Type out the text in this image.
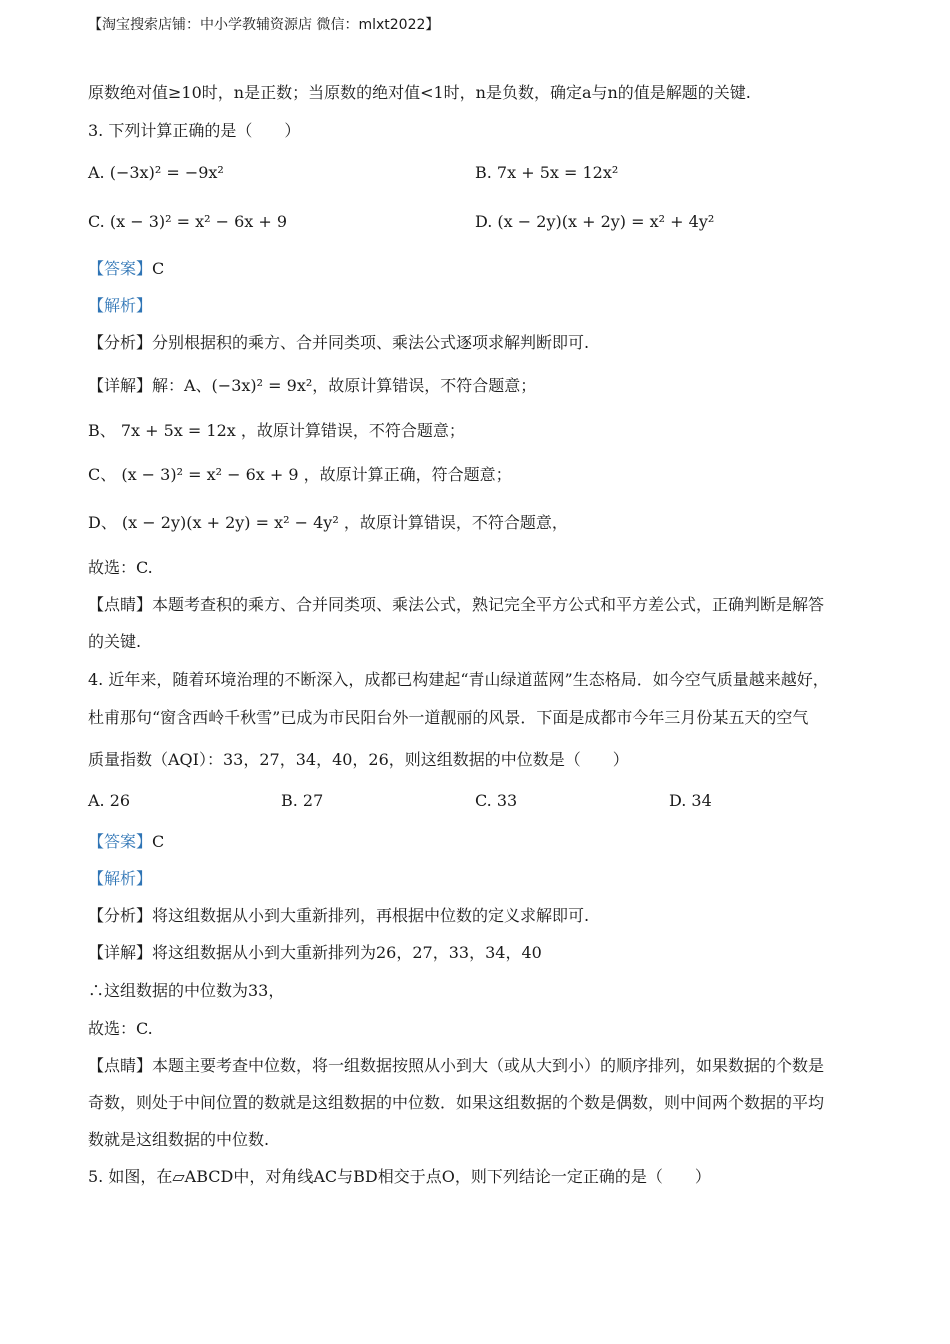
【淘宝搜索店铺：中小学教辅资源店 微信：mlxt2022】
原数绝对值≥10时，n是正数；当原数的绝对值<1时，n是负数，确定a与n的值是解题的关键.
3. 下列计算正确的是（　　）
A. (−3x)² = −9x²	B. 7x + 5x = 12x²
C. (x − 3)² = x² − 6x + 9	D. (x − 2y)(x + 2y) = x² + 4y²
【答案】C
【解析】
【分析】分别根据积的乘方、合并同类项、乘法公式逐项求解判断即可.
【详解】解：A、(−3x)² = 9x²，故原计算错误，不符合题意；
B、 7x + 5x = 12x ，故原计算错误，不符合题意；
C、 (x − 3)² = x² − 6x + 9 ，故原计算正确，符合题意；
D、 (x − 2y)(x + 2y) = x² − 4y² ，故原计算错误，不符合题意，
故选：C.
【点睛】本题考查积的乘方、合并同类项、乘法公式，熟记完全平方公式和平方差公式，正确判断是解答
的关键.
4. 近年来，随着环境治理的不断深入，成都已构建起“青山绿道蓝网”生态格局．如今空气质量越来越好，
杜甫那句“窗含西岭千秋雪”已成为市民阳台外一道靓丽的风景．下面是成都市今年三月份某五天的空气
质量指数（AQI）：33，27，34，40，26，则这组数据的中位数是（　　）
A. 26	B. 27	C. 33	D. 34
【答案】C
【解析】
【分析】将这组数据从小到大重新排列，再根据中位数的定义求解即可.
【详解】将这组数据从小到大重新排列为26，27，33，34，40
∴这组数据的中位数为33，
故选：C.
【点睛】本题主要考查中位数，将一组数据按照从小到大（或从大到小）的顺序排列，如果数据的个数是
奇数，则处于中间位置的数就是这组数据的中位数．如果这组数据的个数是偶数，则中间两个数据的平均
数就是这组数据的中位数.
5. 如图，在▱ABCD中，对角线AC与BD相交于点O，则下列结论一定正确的是（　　）
